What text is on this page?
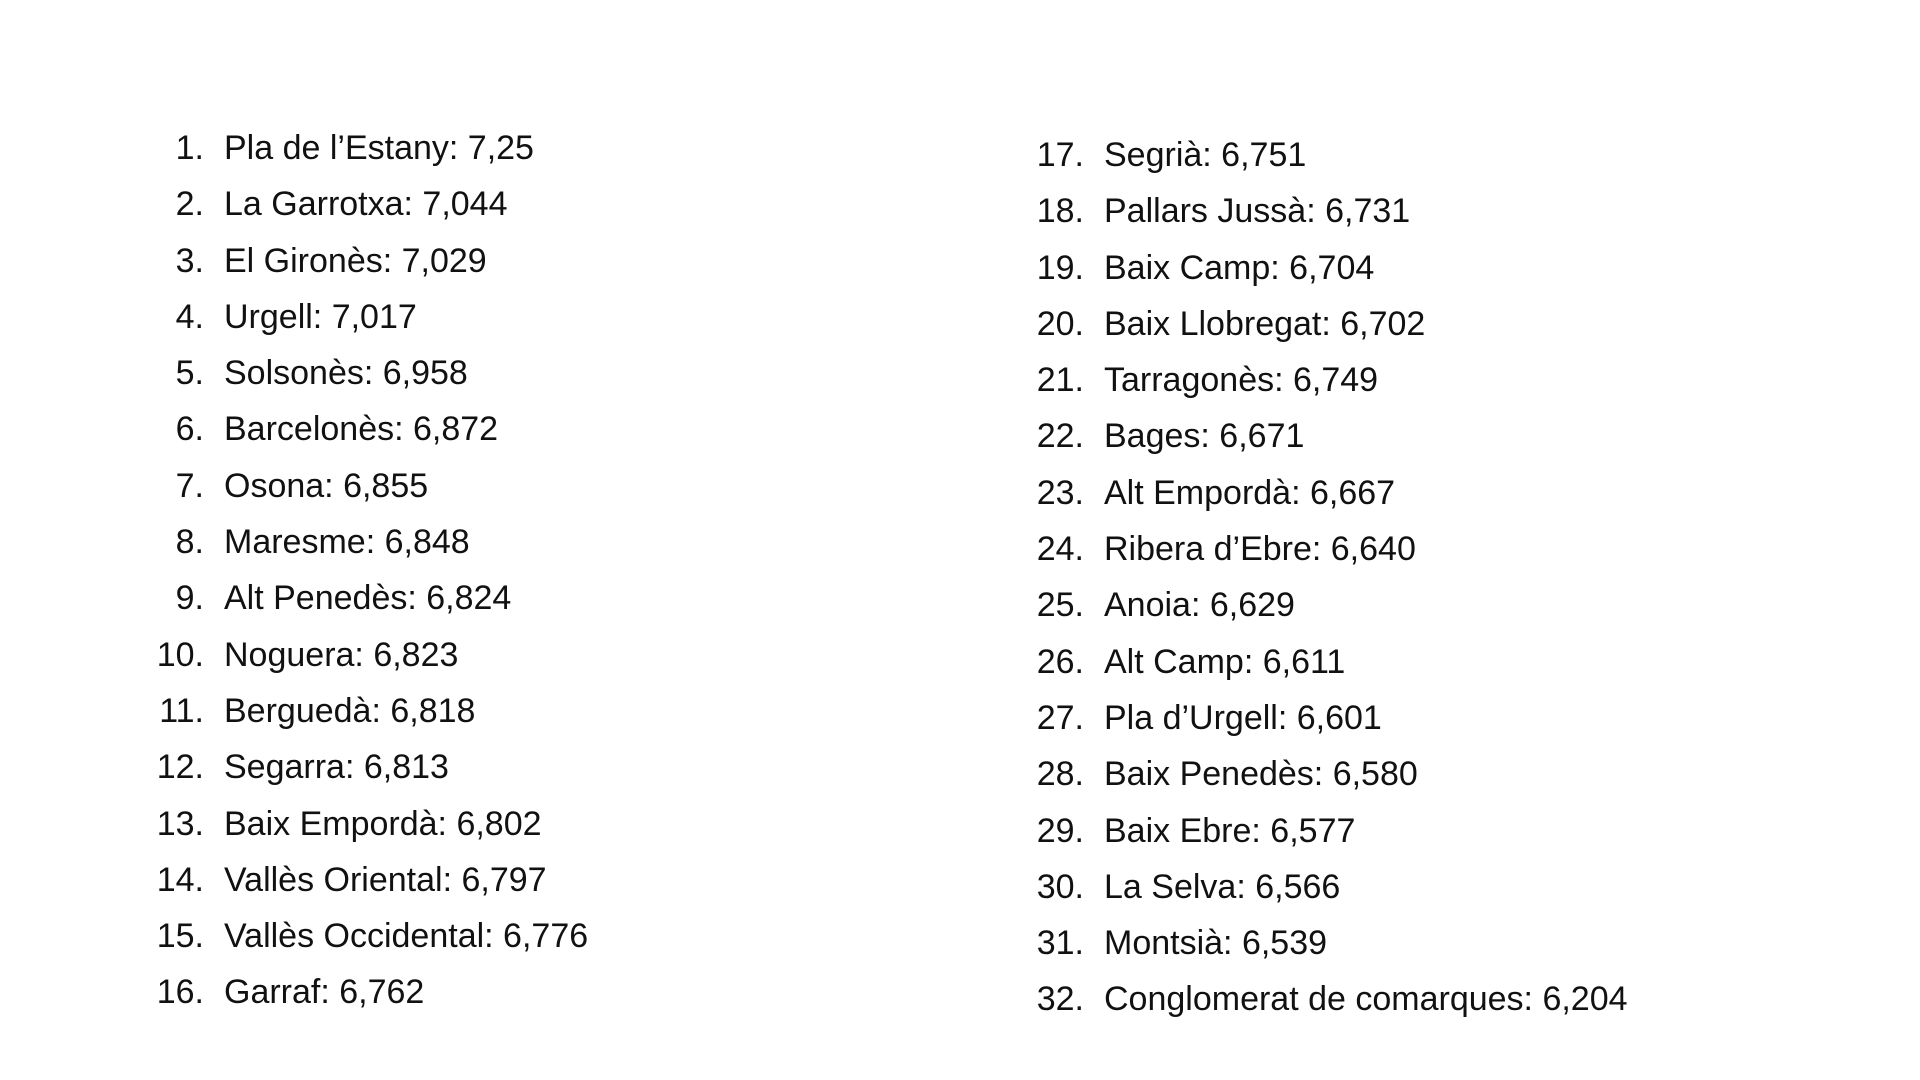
1. Pla de l’Estany: 7,25
2. La Garrotxa: 7,044
3. El Gironès: 7,029
4. Urgell: 7,017
5. Solsonès: 6,958
6. Barcelonès: 6,872
7. Osona: 6,855
8. Maresme: 6,848
9. Alt Penedès: 6,824
10. Noguera: 6,823
11. Berguedà: 6,818
12. Segarra: 6,813
13. Baix Empordà: 6,802
14. Vallès Oriental: 6,797
15. Vallès Occidental: 6,776
16. Garraf: 6,762
17. Segrià: 6,751
18. Pallars Jussà: 6,731
19. Baix Camp: 6,704
20. Baix Llobregat: 6,702
21. Tarragonès: 6,749
22. Bages: 6,671
23. Alt Empordà: 6,667
24. Ribera d’Ebre: 6,640
25. Anoia: 6,629
26. Alt Camp: 6,611
27. Pla d’Urgell: 6,601
28. Baix Penedès: 6,580
29. Baix Ebre: 6,577
30. La Selva: 6,566
31. Montsià: 6,539
32. Conglomerat de comarques: 6,204
